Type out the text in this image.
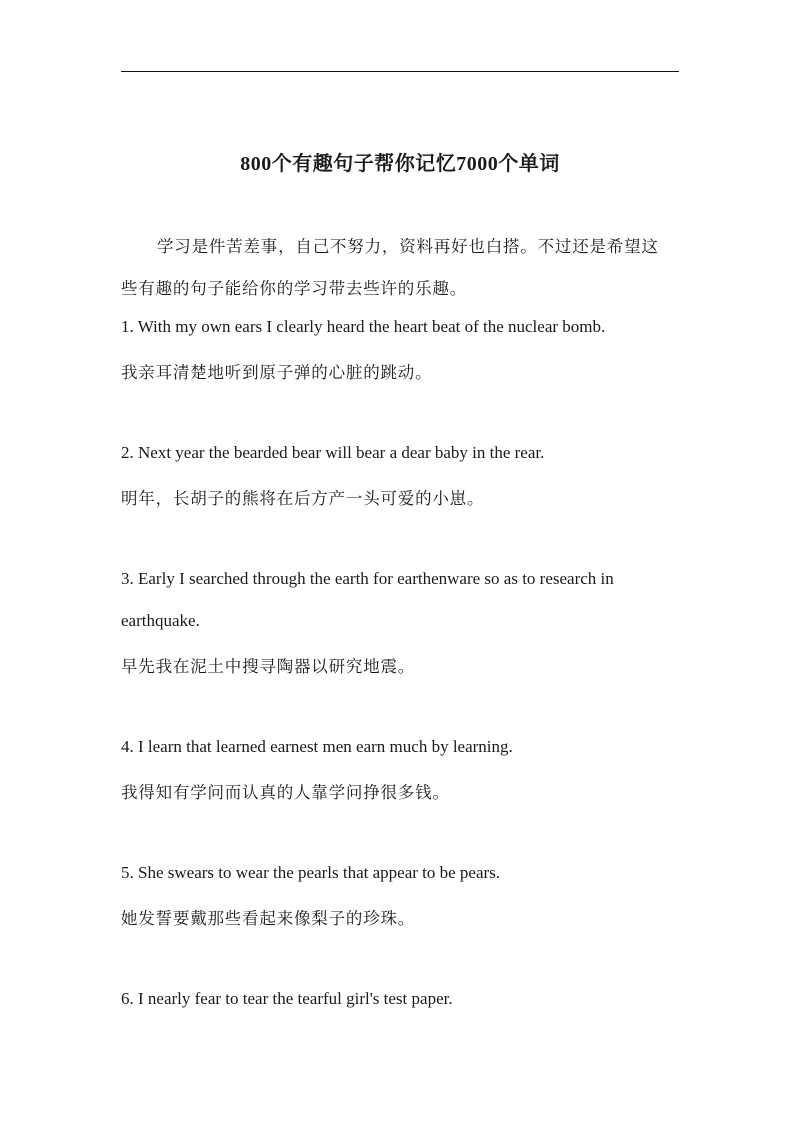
800个有趣句子帮你记忆7000个单词
学习是件苦差事，自己不努力，资料再好也白搭。不过还是希望这
些有趣的句子能给你的学习带去些许的乐趣。
1. With my own ears I clearly heard the heart beat of the nuclear bomb.
我亲耳清楚地听到原子弹的心脏的跳动。
2. Next year the bearded bear will bear a dear baby in the rear.
明年，长胡子的熊将在后方产一头可爱的小崽。
3. Early I searched through the earth for earthenware so as to research in
earthquake.
早先我在泥土中搜寻陶器以研究地震。
4. I learn that learned earnest men earn much by learning.
我得知有学问而认真的人靠学问挣很多钱。
5. She swears to wear the pearls that appear to be pears.
她发誓要戴那些看起来像梨子的珍珠。
6. I nearly fear to tear the tearful girl's test paper.
